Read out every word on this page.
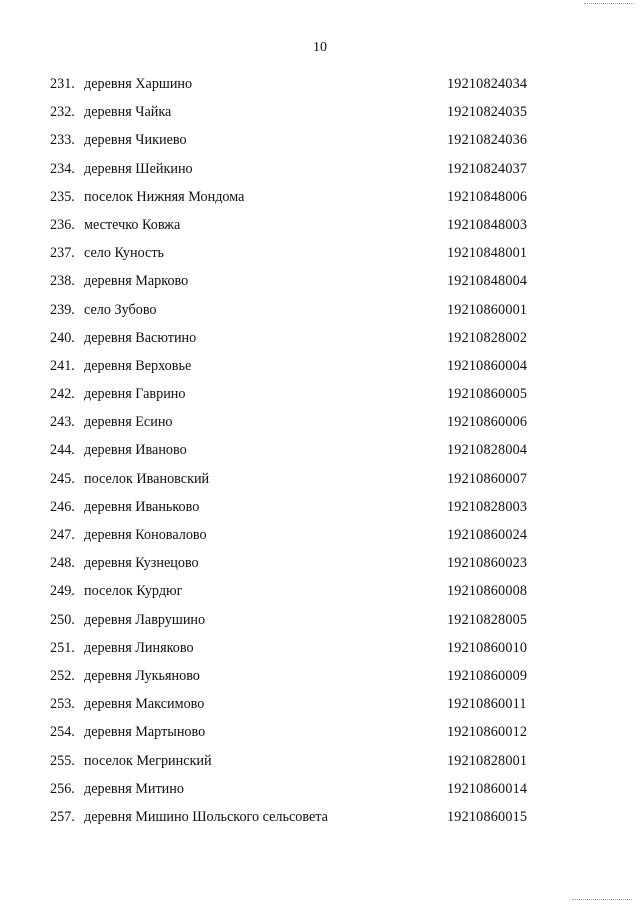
10
231. деревня Харшино	19210824034
232. деревня Чайка	19210824035
233. деревня Чикиево	19210824036
234. деревня Шейкино	19210824037
235. поселок Нижняя Мондома	19210848006
236. местечко Ковжа	19210848003
237. село Куность	19210848001
238. деревня Марково	19210848004
239. село Зубово	19210860001
240. деревня Васютино	19210828002
241. деревня Верховье	19210860004
242. деревня Гаврино	19210860005
243. деревня Есино	19210860006
244. деревня Иваново	19210828004
245. поселок Ивановский	19210860007
246. деревня Иваньково	19210828003
247. деревня Коновалово	19210860024
248. деревня Кузнецово	19210860023
249. поселок Курдюг	19210860008
250. деревня Лаврушино	19210828005
251. деревня Линяково	19210860010
252. деревня Лукьяново	19210860009
253. деревня Максимово	19210860011
254. деревня Мартыново	19210860012
255. поселок Мегринский	19210828001
256. деревня Митино	19210860014
257. деревня Мишино Шольского сельсовета	19210860015
